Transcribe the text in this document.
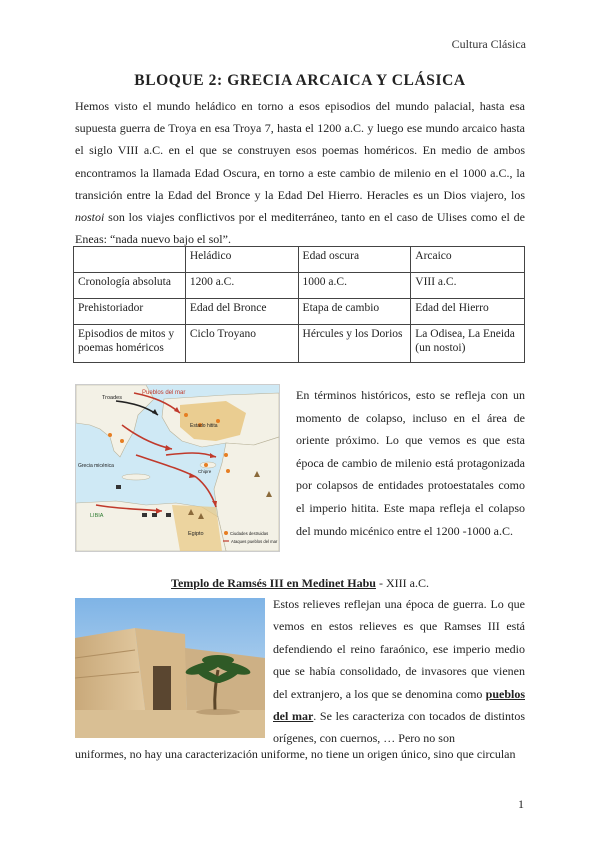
Cultura Clásica
BLOQUE 2: GRECIA ARCAICA Y CLÁSICA

Hemos visto el mundo heládico en torno a esos episodios del mundo palacial, hasta esa supuesta guerra de Troya en esa Troya 7, hasta el 1200 a.C. y luego ese mundo arcaico hasta el siglo VIII a.C. en el que se construyen esos poemas homéricos. En medio de ambos encontramos la llamada Edad Oscura, en torno a este cambio de milenio en el 1000 a.C., la transición entre la Edad del Bronce y la Edad Del Hierro. Heracles es un Dios viajero, los nostoi son los viajes conflictivos por el mediterráneo, tanto en el caso de Ulises como el de Eneas: “nada nuevo bajo el sol”.

	Heládico	Edad oscura	Arcaico
Cronología absoluta	1200 a.C.	1000 a.C.	VIII a.C.
Prehistoriador	Edad del Bronce	Etapa de cambio	Edad del Hierro
Episodios de mitos y poemas homéricos	Ciclo Troyano	Hércules y los Dorios	La Odisea, La Eneida (un nostoi)
Pueblos del mar
Troades
Grecia micénica
Estado hitita
Egipto
LIBIA
Chipre
Ciudades destruidas
Ataques pueblos del mar

En términos históricos, esto se refleja con un momento de colapso, incluso en el área de oriente próximo. Lo que vemos es que esta época de cambio de milenio está protagonizada por colapsos de entidades protoestatales como el imperio hitita. Este mapa refleja el colapso del mundo micénico entre el 1200 -1000 a.C.

Templo de Ramsés III en Medinet Habu - XIII a.C.

Estos relieves reflejan una época de guerra. Lo que vemos en estos relieves es que Ramses III está defendiendo el reino faraónico, ese imperio medio que se había consolidado, de invasores que vienen del extranjero, a los que se denomina como pueblos del mar. Se les caracteriza con tocados de distintos orígenes, con cuernos, … Pero no son

uniformes, no hay una caracterización uniforme, no tiene un origen único, sino que circulan

1
